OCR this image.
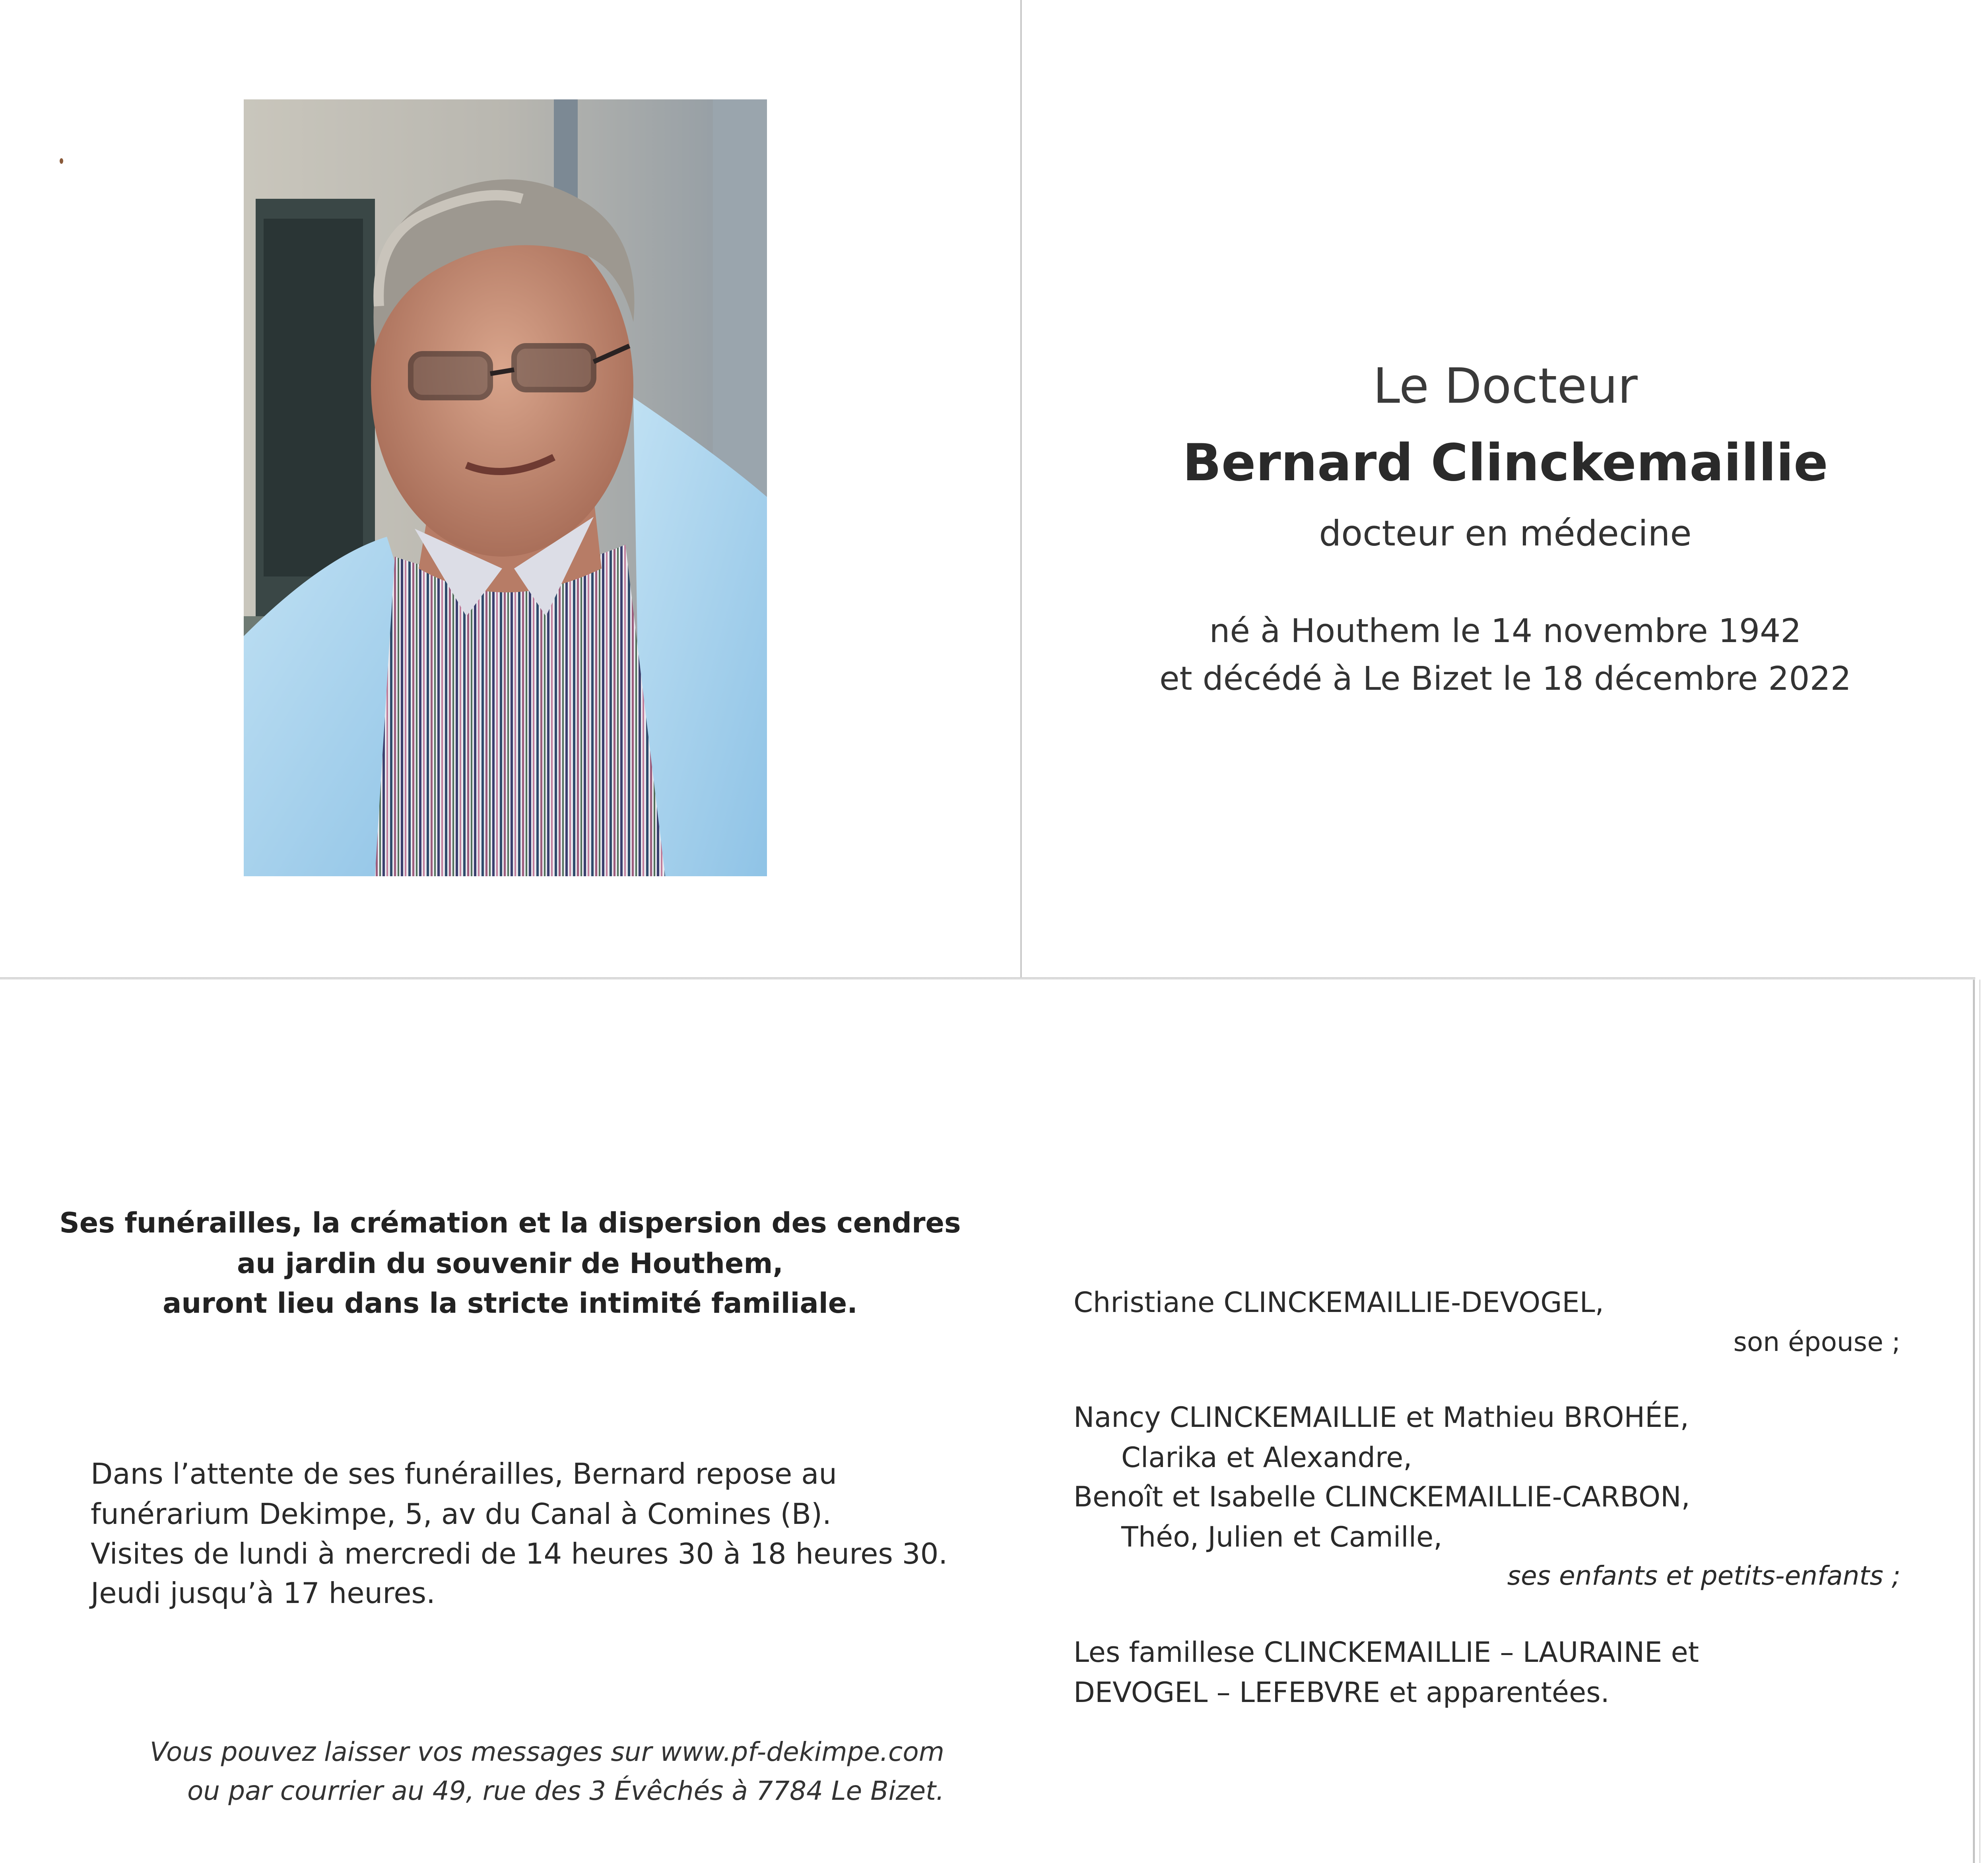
Le Docteur
Bernard Clinckemaillie
docteur en médecine
né à Houthem le 14 novembre 1942
et décédé à Le Bizet le 18 décembre 2022
Ses funérailles, la crémation et la dispersion des cendres
au jardin du souvenir de Houthem,
auront lieu dans la stricte intimité familiale.
Dans l’attente de ses funérailles, Bernard repose au
funérarium Dekimpe, 5, av du Canal à Comines (B).
Visites de lundi à mercredi de 14 heures 30 à 18 heures 30.
Jeudi jusqu’à 17 heures.
Vous pouvez laisser vos messages sur www.pf-dekimpe.com
ou par courrier au 49, rue des 3 Évêchés à 7784 Le Bizet.
Christiane CLINCKEMAILLIE-DEVOGEL,
son épouse ;
Nancy CLINCKEMAILLIE et Mathieu BROHÉE,
Clarika et Alexandre,
Benoît et Isabelle CLINCKEMAILLIE-CARBON,
Théo, Julien et Camille,
ses enfants et petits-enfants ;
Les famillese CLINCKEMAILLIE – LAURAINE et
DEVOGEL – LEFEBVRE et apparentées.
